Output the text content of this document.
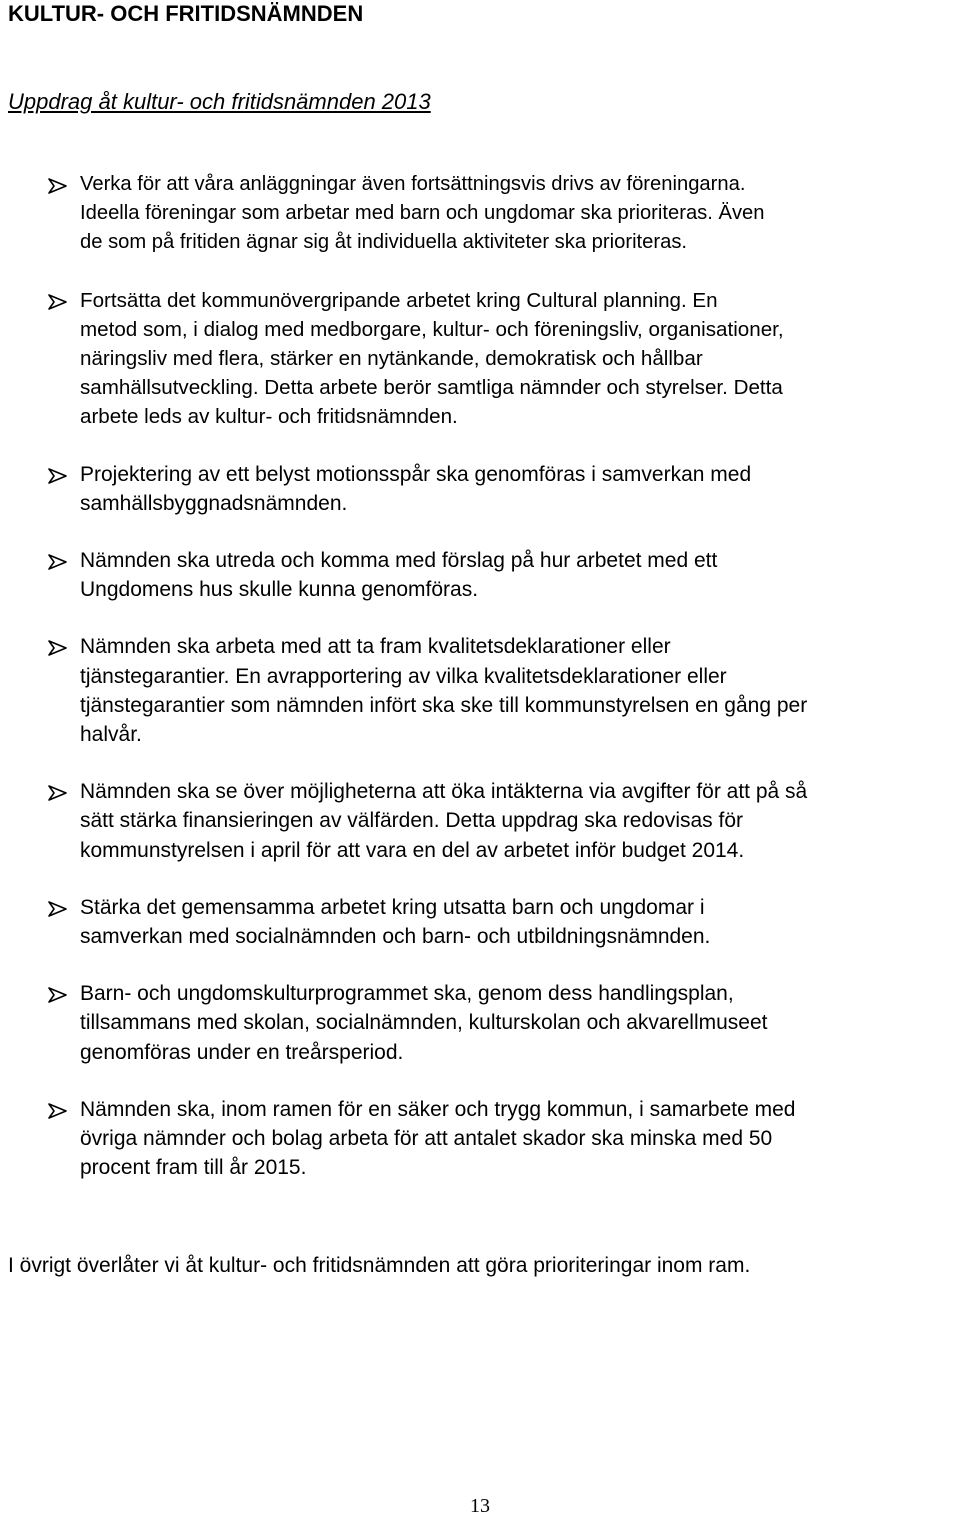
KULTUR- OCH FRITIDSNÄMNDEN

Uppdrag åt kultur- och fritidsnämnden 2013

Verka för att våra anläggningar även fortsättningsvis drivs av föreningarna.
Ideella föreningar som arbetar med barn och ungdomar ska prioriteras. Även
de som på fritiden ägnar sig åt individuella aktiviteter ska prioriteras.
Fortsätta det kommunövergripande arbetet kring Cultural planning. En
metod som, i dialog med medborgare, kultur- och föreningsliv, organisationer,
näringsliv med flera, stärker en nytänkande, demokratisk och hållbar
samhällsutveckling. Detta arbete berör samtliga nämnder och styrelser. Detta
arbete leds av kultur- och fritidsnämnden.
Projektering av ett belyst motionsspår ska genomföras i samverkan med
samhällsbyggnadsnämnden.
Nämnden ska utreda och komma med förslag på hur arbetet med ett
Ungdomens hus skulle kunna genomföras.
Nämnden ska arbeta med att ta fram kvalitetsdeklarationer eller
tjänstegarantier. En avrapportering av vilka kvalitetsdeklarationer eller
tjänstegarantier som nämnden infört ska ske till kommunstyrelsen en gång per
halvår.
Nämnden ska se över möjligheterna att öka intäkterna via avgifter för att på så
sätt stärka finansieringen av välfärden. Detta uppdrag ska redovisas för
kommunstyrelsen i april för att vara en del av arbetet inför budget 2014.
Stärka det gemensamma arbetet kring utsatta barn och ungdomar i
samverkan med socialnämnden och barn- och utbildningsnämnden.
Barn- och ungdomskulturprogrammet ska, genom dess handlingsplan,
tillsammans med skolan, socialnämnden, kulturskolan och akvarellmuseet
genomföras under en treårsperiod.
Nämnden ska, inom ramen för en säker och trygg kommun, i samarbete med
övriga nämnder och bolag arbeta för att antalet skador ska minska med 50
procent fram till år 2015.

I övrigt överlåter vi åt kultur- och fritidsnämnden att göra prioriteringar inom ram.

13
